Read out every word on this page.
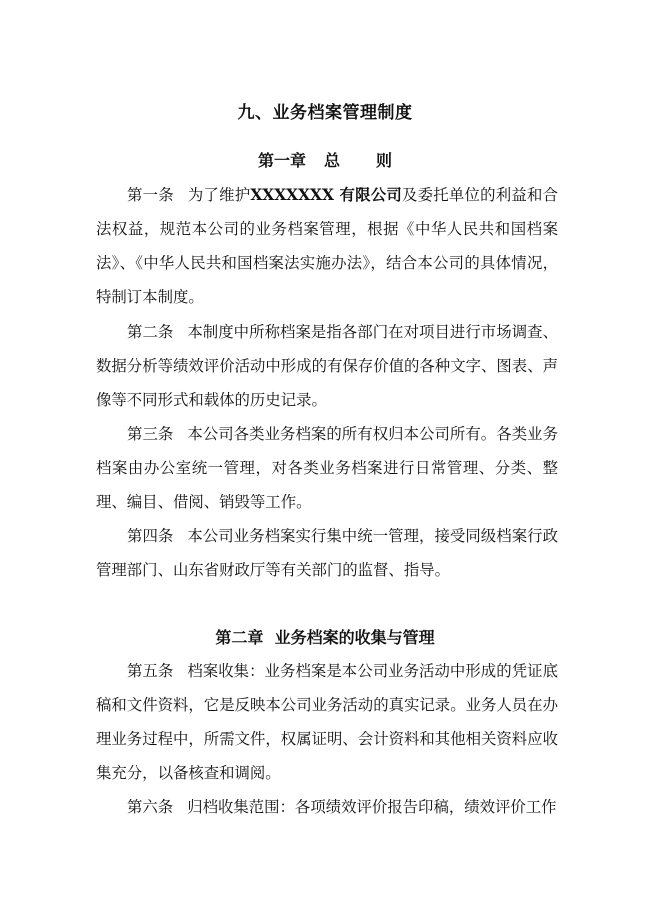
九、业务档案管理制度
第一章 总 则

第一条 为了维护XXXXXXX 有限公司及委托单位的利益和合法权益，规范本公司的业务档案管理，根据《中华人民共和国档案法》、《中华人民共和国档案法实施办法》，结合本公司的具体情况，特制订本制度。

第二条 本制度中所称档案是指各部门在对项目进行市场调查、数据分析等绩效评价活动中形成的有保存价值的各种文字、图表、声像等不同形式和载体的历史记录。

第三条 本公司各类业务档案的所有权归本公司所有。各类业务档案由办公室统一管理，对各类业务档案进行日常管理、分类、整理、编目、借阅、销毁等工作。

第四条 本公司业务档案实行集中统一管理，接受同级档案行政管理部门、山东省财政厅等有关部门的监督、指导。

第二章  业务档案的收集与管理

第五条 档案收集：业务档案是本公司业务活动中形成的凭证底稿和文件资料，它是反映本公司业务活动的真实记录。业务人员在办理业务过程中，所需文件，权属证明、会计资料和其他相关资料应收集充分，以备核查和调阅。

第六条 归档收集范围：各项绩效评价报告印稿，绩效评价工作
